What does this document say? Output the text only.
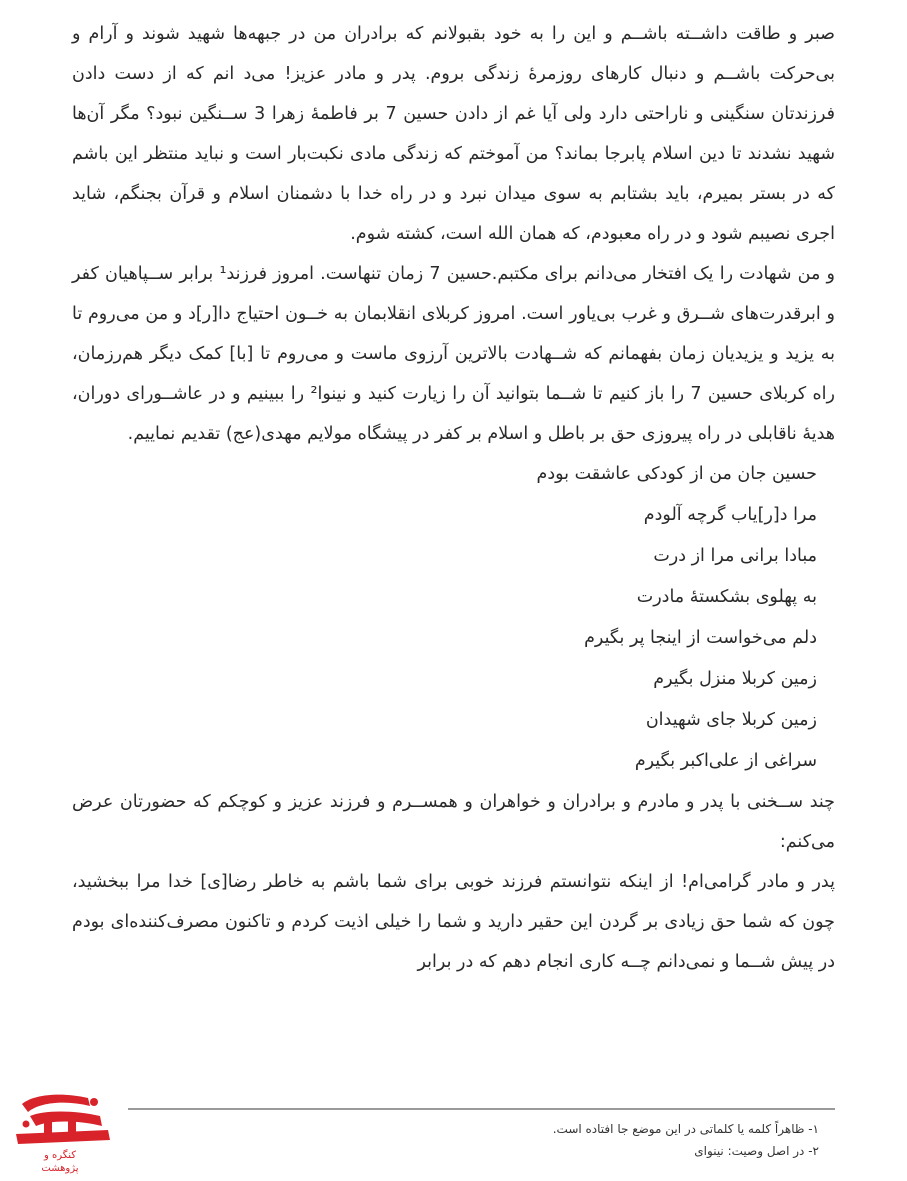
صبر و طاقت داشــته باشــم و این را به خود بقبولانم که برادران من در جبهه‌ها شهید شوند و آرام و بی‌حرکت باشــم و دنبال کارهای روزمرهٔ زندگی بروم. پدر و مادر عزیز! می‌د انم که از دست دادن فرزندتان سنگینی و ناراحتی دارد ولی آیا غم از دادن حسین 7 بر فاطمهٔ زهرا 3 ســنگین نبود؟ مگر آن‌ها شهید نشدند تا دین اسلام پابرجا بماند؟ من آموختم که زندگی مادی نکبت‌بار است و نباید منتظر این باشم که در بستر بمیرم، باید بشتابم به سوی میدان نبرد و در راه خدا با دشمنان اسلام و قرآن بجنگم، شاید اجری نصیبم شود و در راه معبودم، که همان الله است، کشته شوم.

و من شهادت را یک افتخار می‌دانم برای مکتبم.حسین 7 زمان تنهاست. امروز فرزند¹ برابر ســپاهیان کفر و ابرقدرت‌های شــرق و غرب بی‌یاور است. امروز کربلای انقلابمان به خــون احتیاج دا[ر]د و من می‌روم تا به یزید و یزیدیان زمان بفهمانم که شــهادت بالاترین آرزوی ماست و می‌روم تا [با] کمک دیگر هم‌رزمان، راه کربلای حسین 7 را باز کنیم تا شــما بتوانید آن را زیارت کنید و نینوا² را ببینیم و در عاشــورای دوران، هدیهٔ ناقابلی در راه پیروزی حق بر باطل و اسلام بر کفر در پیشگاه مولایم مهدی(عج) تقدیم نماییم.

حسین جان من از کودکی عاشقت بودم
مرا د[ر]یاب گرچه آلودم
مبادا برانی مرا از درت
به پهلوی بشکستهٔ مادرت
دلم می‌خواست از اینجا پر بگیرم
زمین کربلا منزل بگیرم
زمین کربلا جای شهیدان
سراغی از علی‌اکبر بگیرم

چند ســخنی با پدر و مادرم و برادران و خواهران و همســرم و فرزند عزیز و کوچکم که حضورتان عرض می‌کنم:

پدر و مادر گرامی‌ام! از اینکه نتوانستم فرزند خوبی برای شما باشم به خاطر رضا[ی] خدا مرا ببخشید، چون که شما حق زیادی بر گردن این حقیر دارید و شما را خیلی اذیت کردم و تاکنون مصرف‌کننده‌ای بودم در پیش شــما و نمی‌دانم چــه کاری انجام دهم که در برابر

۱- ظاهراً کلمه یا کلماتی در این موضع جا افتاده است.

۲- در اصل وصیت: نینوای

کنگره و
پژوهشت
